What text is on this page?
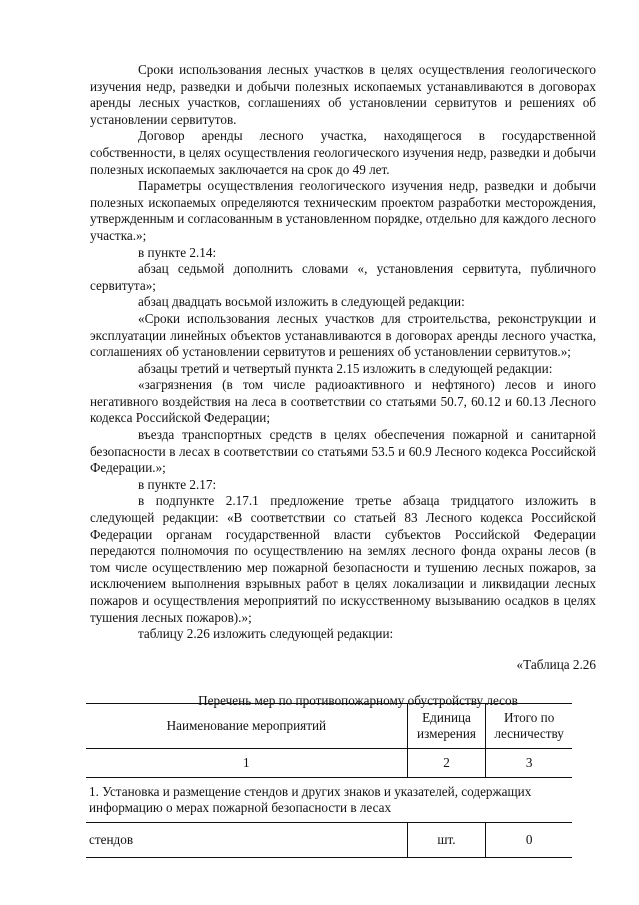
Сроки использования лесных участков в целях осуществления геологического изучения недр, разведки и добычи полезных ископаемых устанавливаются в договорах аренды лесных участков, соглашениях об установлении сервитутов и решениях об установлении сервитутов.

Договор аренды лесного участка, находящегося в государственной собственности, в целях осуществления геологического изучения недр, разведки и добычи полезных ископаемых заключается на срок до 49 лет.

Параметры осуществления геологического изучения недр, разведки и добычи полезных ископаемых определяются техническим проектом разработки месторождения, утвержденным и согласованным в установленном порядке, отдельно для каждого лесного участка.»;

в пункте 2.14:

абзац седьмой дополнить словами «, установления сервитута, публичного сервитута»;

абзац двадцать восьмой изложить в следующей редакции:

«Сроки использования лесных участков для строительства, реконструкции и эксплуатации линейных объектов устанавливаются в договорах аренды лесного участка, соглашениях об установлении сервитутов и решениях об установлении сервитутов.»;

абзацы третий и четвертый пункта 2.15 изложить в следующей редакции:

«загрязнения (в том числе радиоактивного и нефтяного) лесов и иного негативного воздействия на леса в соответствии со статьями 50.7, 60.12 и 60.13 Лесного кодекса Российской Федерации;

въезда транспортных средств в целях обеспечения пожарной и санитарной безопасности в лесах в соответствии со статьями 53.5 и 60.9 Лесного кодекса Российской Федерации.»;

в пункте 2.17:

в подпункте 2.17.1 предложение третье абзаца тридцатого изложить в следующей редакции: «В соответствии со статьей 83 Лесного кодекса Российской Федерации органам государственной власти субъектов Российской Федерации передаются полномочия по осуществлению на землях лесного фонда охраны лесов (в том числе осуществлению мер пожарной безопасности и тушению лесных пожаров, за исключением выполнения взрывных работ в целях локализации и ликвидации лесных пожаров и осуществления мероприятий по искусственному вызыванию осадков в целях тушения лесных пожаров).»;

таблицу 2.26 изложить следующей редакции:

«Таблица 2.26

Перечень мер по противопожарному обустройству лесов

Наименование мероприятий	Единица измерения	Итого по лесничеству
1	2	3
1. Установка и размещение стендов и других знаков и указателей, содержащих информацию о мерах пожарной безопасности в лесах		
стендов	шт.	0
